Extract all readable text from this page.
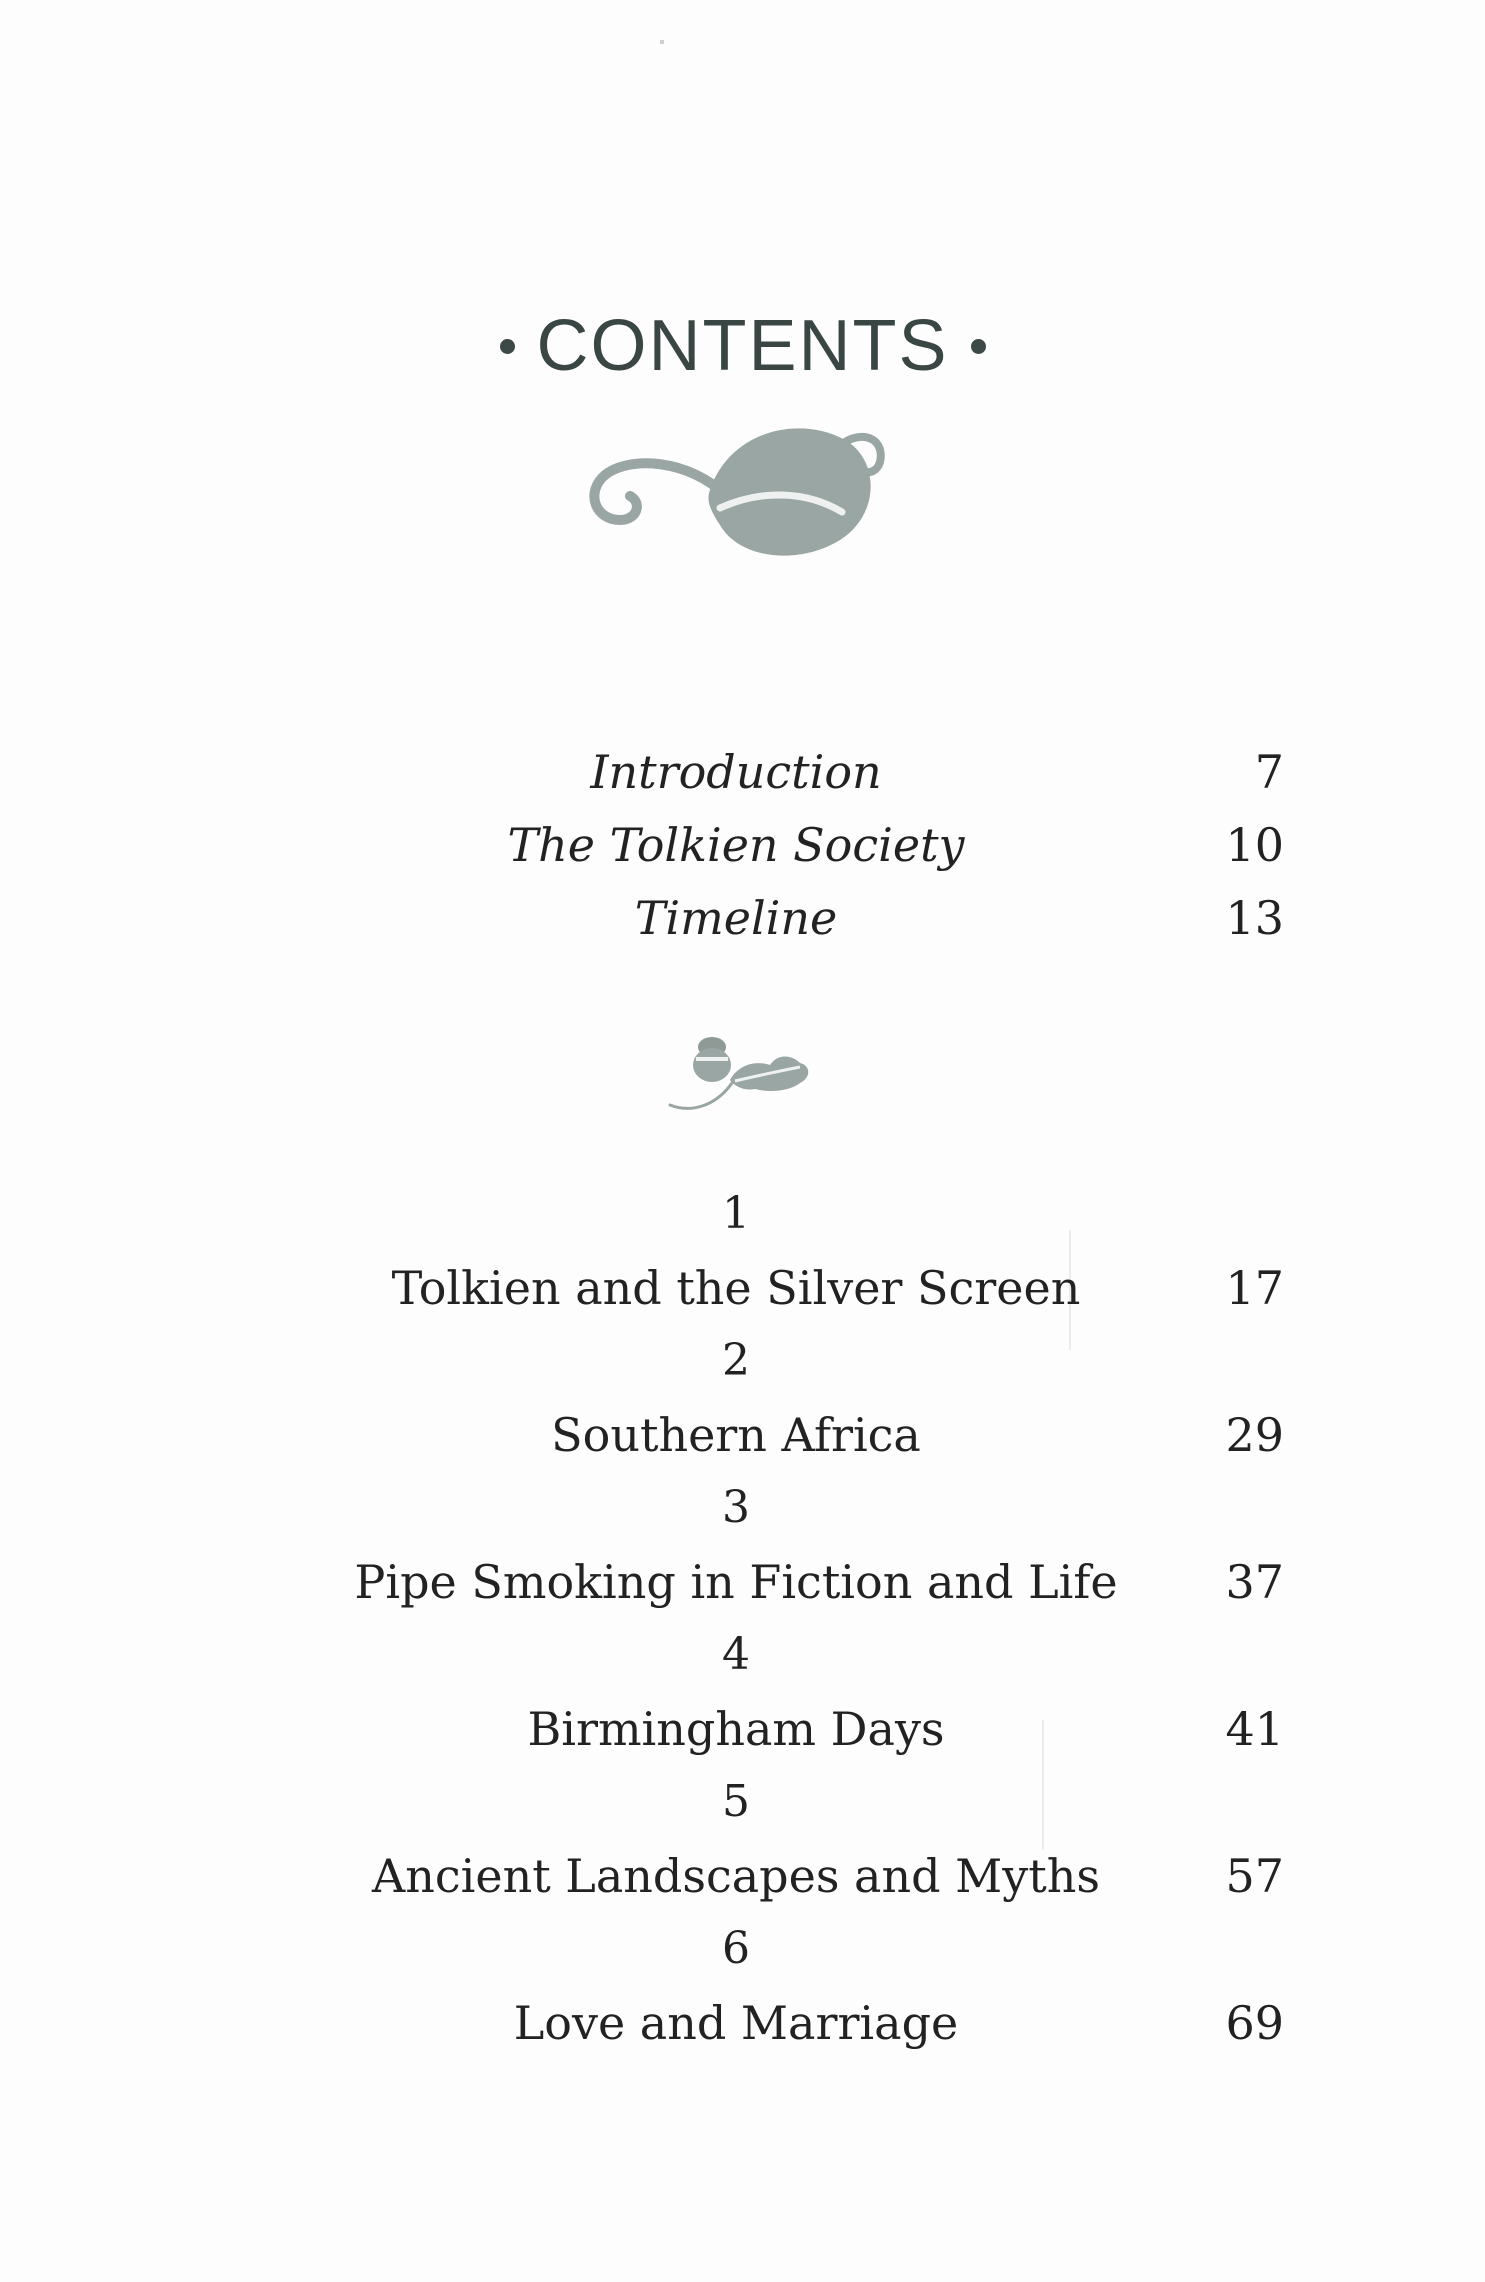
CONTENTS
Introduction	7
The Tolkien Society	10
Timeline	13
1
Tolkien and the Silver Screen	17
2
Southern Africa	29
3
Pipe Smoking in Fiction and Life	37
4
Birmingham Days	41
5
Ancient Landscapes and Myths	57
6
Love and Marriage	69
